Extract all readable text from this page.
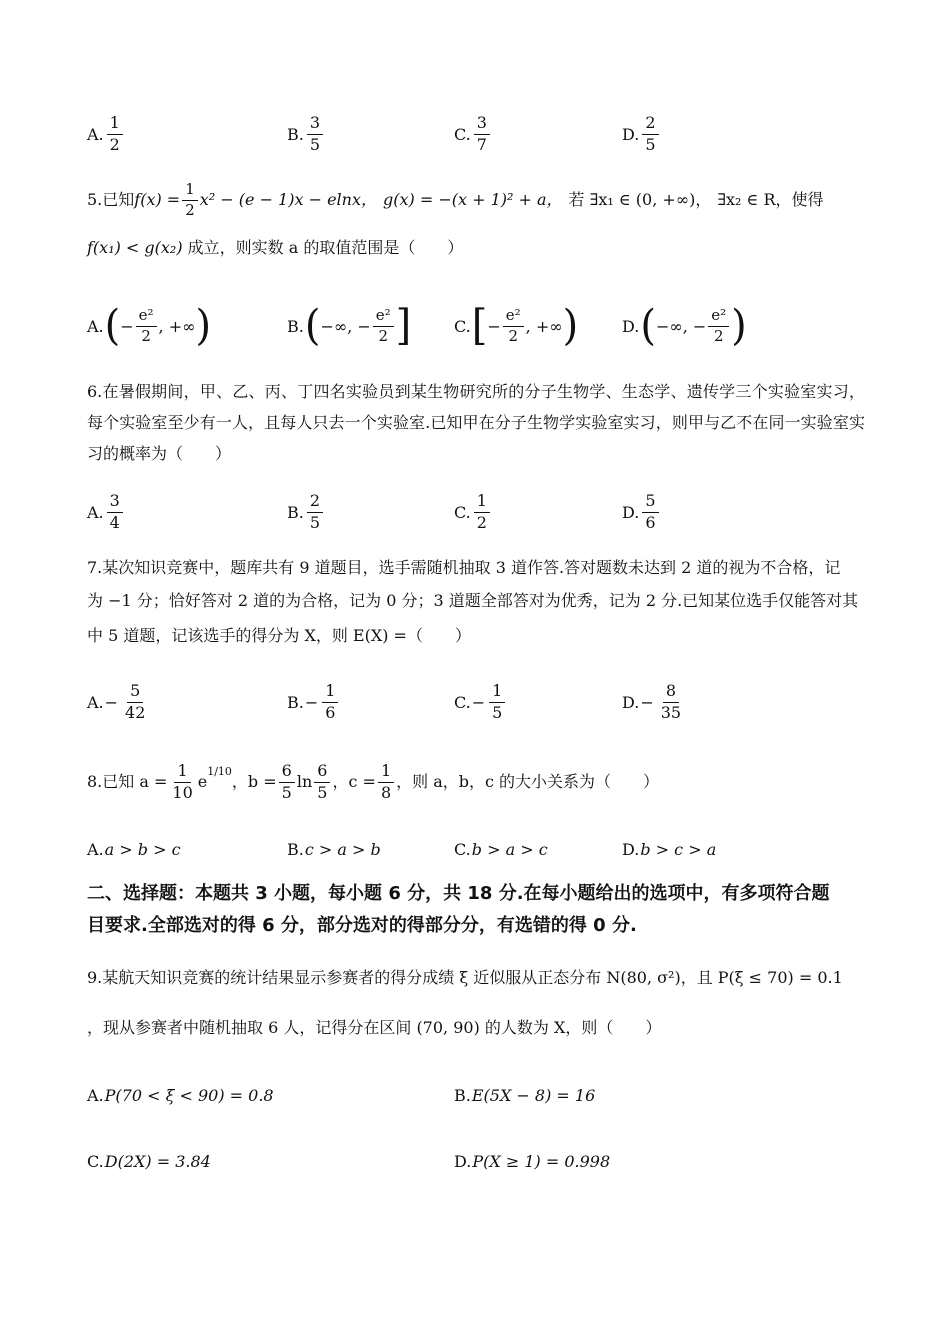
A. $\frac{1}{2}$	B. $\frac{3}{5}$	C. $\frac{3}{7}$	D. $\frac{2}{5}$
5. 已知 $f(x) = \frac{1}{2} x^2 - (e - 1)x - elnx$， g(x) = −(x + 1)² + a， 若 ∃x₁ ∈ (0, +∞)， ∃x₂ ∈ R，使得
f(x₁) < g(x₂) 成立，则实数 a 的取值范围是（　　）
A. ( − $\frac{\text{e²}}{2}$ , +∞ )	B. ( −∞, − $\frac{\text{e²}}{2}$ ]	C. [ − $\frac{\text{e²}}{2}$ , +∞ )	D. ( −∞, − $\frac{\text{e²}}{2}$ )
6.在暑假期间，甲、乙、丙、丁四名实验员到某生物研究所的分子生物学、生态学、遗传学三个实验室实习，每个实验室至少有一人，且每人只去一个实验室.已知甲在分子生物学实验室实习，则甲与乙不在同一实验室实习的概率为（　　）
A. $\frac{3}{4}$	B. $\frac{2}{5}$	C. $\frac{1}{2}$	D. $\frac{5}{6}$
7.某次知识竞赛中，题库共有 9 道题目，选手需随机抽取 3 道作答.答对题数未达到 2 道的视为不合格，记
为 −1 分；恰好答对 2 道的为合格，记为 0 分；3 道题全部答对为优秀，记为 2 分.已知某位选手仅能答对其
中 5 道题，记该选手的得分为 X，则 E(X) =（　　）
A. − $\frac{5}{42}$	B. − $\frac{1}{6}$	C. − $\frac{1}{5}$	D. − $\frac{8}{35}$
8. 已知 $a = \frac{1}{10}$ e
$^{1/10}$
，$b = \frac{6}{5}$ $\ln \frac{6}{5}$ ，$c = \frac{1}{8}$ ，则 a，b，c 的大小关系为（　　）
A. a > b > c	B. c > a > b	C. b > a > c	D. b > c > a
二、选择题：本题共 3 小题，每小题 6 分，共 18 分.在每小题给出的选项中，有多项符合题
目要求.全部选对的得 6 分，部分选对的得部分分，有选错的得 0 分.
9.某航天知识竞赛的统计结果显示参赛者的得分成绩 ξ 近似服从正态分布 N(80, σ²)，且 P(ξ ≤ 70) = 0.1
，现从参赛者中随机抽取 6 人，记得分在区间 (70, 90) 的人数为 X，则（　　）
A. P(70 < ξ < 90) = 0.8	B. E(5X − 8) = 16
C. D(2X) = 3.84	D. P(X ≥ 1) = 0.998
